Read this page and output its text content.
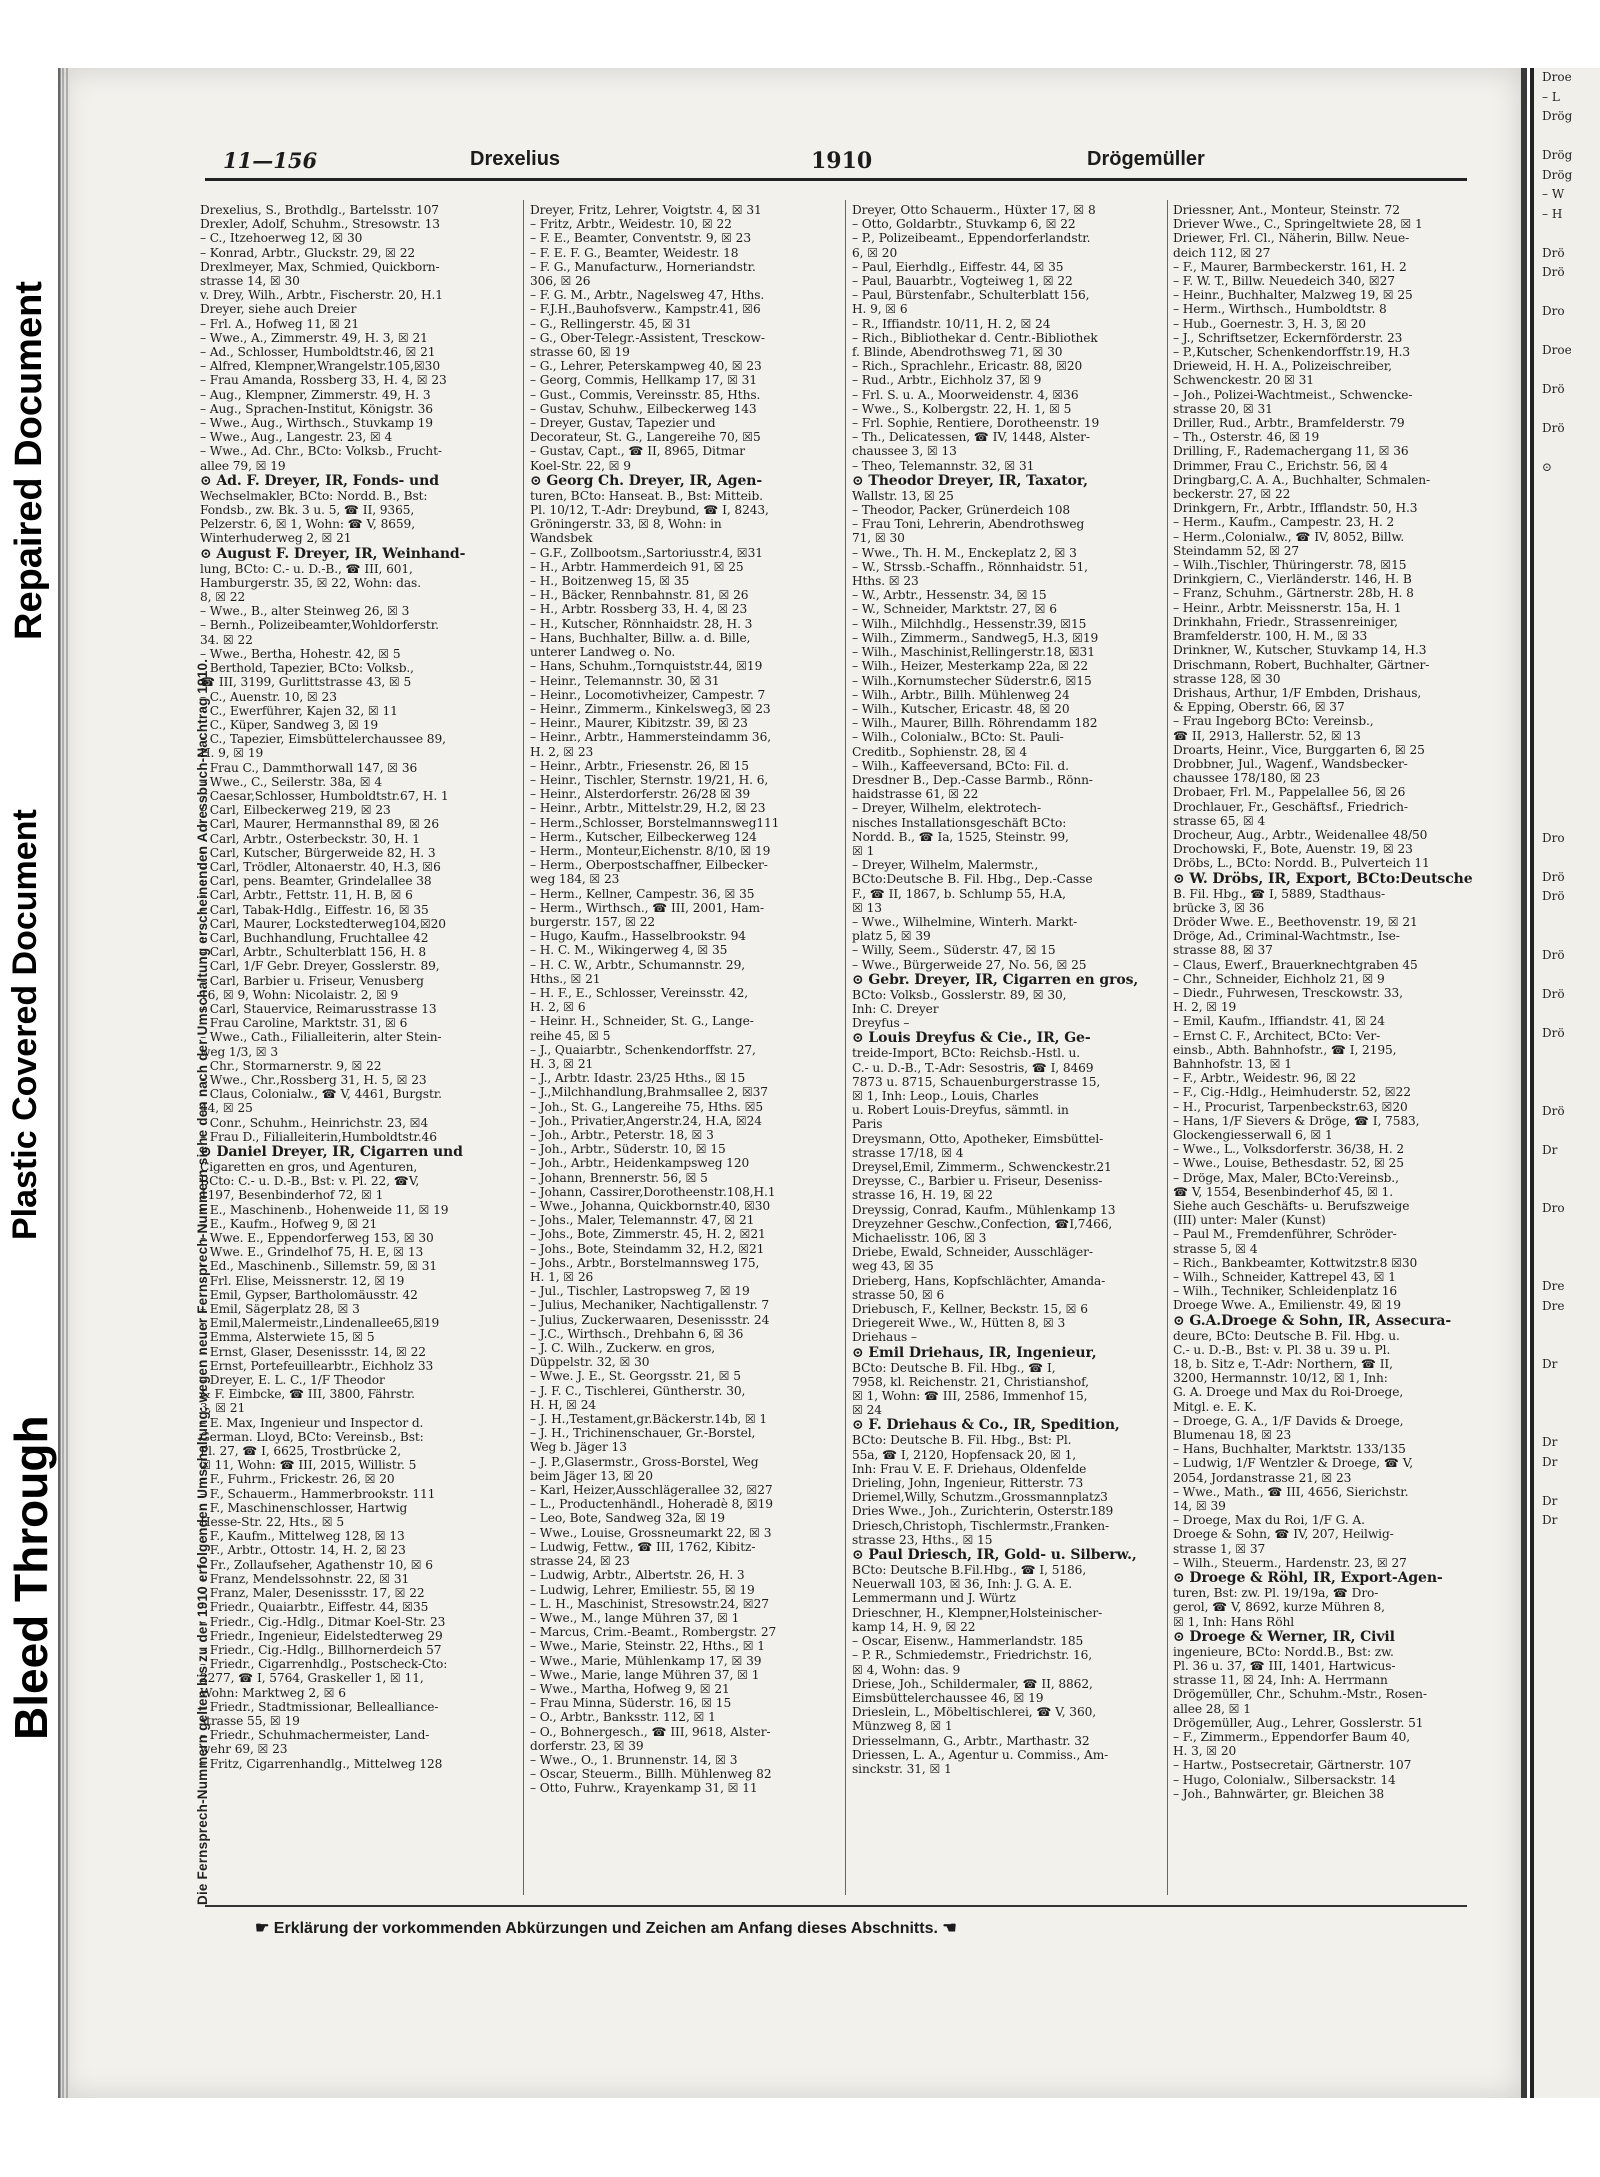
Repaired Document
Plastic Covered Document
Bleed Through
Droe
– L
Drög

Drög
Drög
– W
– H

Drö
Drö

Dro

Droe

Drö

Drö

⊙

Dro

Drö
Drö

Drö

Drö

Drö

Drö

Dr

Dro

Dre
Dre

Dr

Dr
Dr

Dr
Dr

11—156	Drexelius	1910	Drögemüller
Die Fernsprech-Nummern gelten bis zu der 1910 erfolgenden Umschaltung; wegen neuer Fernsprech-Nummern siehe den nach der Umschaltung erscheinenden Adressbuch-Nachtrag 1910.
Drexelius, S., Brothdlg., Bartelsstr. 107
Drexler, Adolf, Schuhm., Stresowstr. 13
– C., Itzehoerweg 12, ☒ 30
– Konrad, Arbtr., Gluckstr. 29, ☒ 22
Drexlmeyer, Max, Schmied, Quickborn-
strasse 14, ☒ 30
v. Drey, Wilh., Arbtr., Fischerstr. 20, H.1
Dreyer, siehe auch Dreier
– Frl. A., Hofweg 11, ☒ 21
– Wwe., A., Zimmerstr. 49, H. 3, ☒ 21
– Ad., Schlosser, Humboldtstr.46, ☒ 21
– Alfred, Klempner,Wrangelstr.105,☒30
– Frau Amanda, Rossberg 33, H. 4, ☒ 23
– Aug., Klempner, Zimmerstr. 49, H. 3
– Aug., Sprachen-Institut, Königstr. 36
– Wwe., Aug., Wirthsch., Stuvkamp 19
– Wwe., Aug., Langestr. 23, ☒ 4
– Wwe., Ad. Chr., BCto: Volksb., Frucht-
allee 79, ☒ 19
⊙ Ad. F. Dreyer, IR, Fonds- und
Wechselmakler, BCto: Nordd. B., Bst:
Fondsb., zw. Bk. 3 u. 5, ☎ II, 9365,
Pelzerstr. 6, ☒ 1, Wohn: ☎ V, 8659,
Winterhuderweg 2, ☒ 21
⊙ August F. Dreyer, IR, Weinhand-
lung, BCto: C.- u. D.-B., ☎ III, 601,
Hamburgerstr. 35, ☒ 22, Wohn: das.
8, ☒ 22
– Wwe., B., alter Steinweg 26, ☒ 3
– Bernh., Polizeibeamter,Wohldorferstr.
34. ☒ 22
– Wwe., Bertha, Hohestr. 42, ☒ 5
– Berthold, Tapezier, BCto: Volksb.,
☎ III, 3199, Gurlittstrasse 43, ☒ 5
– C., Auenstr. 10, ☒ 23
– C., Ewerführer, Kajen 32, ☒ 11
– C., Küper, Sandweg 3, ☒ 19
– C., Tapezier, Eimsbüttelerchaussee 89,
H. 9, ☒ 19
– Frau C., Dammthorwall 147, ☒ 36
– Wwe., C., Seilerstr. 38a, ☒ 4
– Caesar,Schlosser, Humboldtstr.67, H. 1
– Carl, Eilbeckerweg 219, ☒ 23
– Carl, Maurer, Hermannsthal 89, ☒ 26
– Carl, Arbtr., Osterbeckstr. 30, H. 1
– Carl, Kutscher, Bürgerweide 82, H. 3
– Carl, Trödler, Altonaerstr. 40, H.3, ☒6
– Carl, pens. Beamter, Grindelallee 38
– Carl, Arbtr., Fettstr. 11, H. B, ☒ 6
– Carl, Tabak-Hdlg., Eiffestr. 16, ☒ 35
– Carl, Maurer, Lockstedterweg104,☒20
– Carl, Buchhandlung, Fruchtallee 42
– Carl, Arbtr., Schulterblatt 156, H. 8
– Carl, 1/F Gebr. Dreyer, Gosslerstr. 89,
– Carl, Barbier u. Friseur, Venusberg
16, ☒ 9, Wohn: Nicolaistr. 2, ☒ 9
– Carl, Stauervice, Reimarusstrasse 13
– Frau Caroline, Marktstr. 31, ☒ 6
– Wwe., Cath., Filialleiterin, alter Stein-
weg 1/3, ☒ 3
– Chr., Stormarnerstr. 9, ☒ 22
– Wwe., Chr.,Rossberg 31, H. 5, ☒ 23
– Claus, Colonialw., ☎ V, 4461, Burgstr.
44, ☒ 25
– Conr., Schuhm., Heinrichstr. 23, ☒4
– Frau D., Filialleiterin,Humboldtstr.46
⊙ Daniel Dreyer, IR, Cigarren und
Cigaretten en gros, und Agenturen,
BCto: C.- u. D.-B., Bst: v. Pl. 22, ☎V,
1197, Besenbinderhof 72, ☒ 1
– E., Maschinenb., Hohenweide 11, ☒ 19
– E., Kaufm., Hofweg 9, ☒ 21
– Wwe. E., Eppendorferweg 153, ☒ 30
– Wwe. E., Grindelhof 75, H. E, ☒ 13
– Ed., Maschinenb., Sillemstr. 59, ☒ 31
– Frl. Elise, Meissnerstr. 12, ☒ 19
– Emil, Gypser, Bartholomäusstr. 42
– Emil, Sägerplatz 28, ☒ 3
– Emil,Malermeistr.,Lindenallee65,☒19
– Emma, Alsterwiete 15, ☒ 5
– Ernst, Glaser, Desenissstr. 14, ☒ 22
– Ernst, Portefeuillearbtr., Eichholz 33
– Dreyer, E. L. C., 1/F Theodor
& F. Eimbcke, ☎ III, 3800, Fährstr.
3, ☒ 21
– E. Max, Ingenieur und Inspector d.
German. Lloyd, BCto: Vereinsb., Bst:
Pl. 27, ☎ I, 6625, Trostbrücke 2,
☒ 11, Wohn: ☎ III, 2015, Willistr. 5
– F., Fuhrm., Frickestr. 26, ☒ 20
– F., Schauerm., Hammerbrookstr. 111
– F., Maschinenschlosser, Hartwig
Hesse-Str. 22, Hts., ☒ 5
– F., Kaufm., Mittelweg 128, ☒ 13
– F., Arbtr., Ottostr. 14, H. 2, ☒ 23
– Fr., Zollaufseher, Agathenstr 10, ☒ 6
– Franz, Mendelssohnstr. 22, ☒ 31
– Franz, Maler, Desenissstr. 17, ☒ 22
– Friedr., Quaiarbtr., Eiffestr. 44, ☒35
– Friedr., Cig.-Hdlg., Ditmar Koel-Str. 23
– Friedr., Ingenieur, Eidelstedterweg 29
– Friedr., Cig.-Hdlg., Billhornerdeich 57
– Friedr., Cigarrenhdlg., Postscheck-Cto:
2277, ☎ I, 5764, Graskeller 1, ☒ 11,
Wohn: Marktweg 2, ☒ 6
– Friedr., Stadtmissionar, Bellealliance-
strasse 55, ☒ 19
– Friedr., Schuhmachermeister, Land-
wehr 69, ☒ 23
– Fritz, Cigarrenhandlg., Mittelweg 128
Dreyer, Fritz, Lehrer, Voigtstr. 4, ☒ 31
– Fritz, Arbtr., Weidestr. 10, ☒ 22
– F. E., Beamter, Conventstr. 9, ☒ 23
– F. E. F. G., Beamter, Weidestr. 18
– F. G., Manufacturw., Horneriandstr.
306, ☒ 26
– F. G. M., Arbtr., Nagelsweg 47, Hths.
– F.J.H.,Bauhofsverw., Kampstr.41, ☒6
– G., Rellingerstr. 45, ☒ 31
– G., Ober-Telegr.-Assistent, Tresckow-
strasse 60, ☒ 19
– G., Lehrer, Peterskampweg 40, ☒ 23
– Georg, Commis, Hellkamp 17, ☒ 31
– Gust., Commis, Vereinsstr. 85, Hths.
– Gustav, Schuhw., Eilbeckerweg 143
– Dreyer, Gustav, Tapezier und
Decorateur, St. G., Langereihe 70, ☒5
– Gustav, Capt., ☎ II, 8965, Ditmar
Koel-Str. 22, ☒ 9
⊙ Georg Ch. Dreyer, IR, Agen-
turen, BCto: Hanseat. B., Bst: Mitteib.
Pl. 10/12, T.-Adr: Dreybund, ☎ I, 8243,
Gröningerstr. 33, ☒ 8, Wohn: in
Wandsbek
– G.F., Zollbootsm.,Sartoriusstr.4, ☒31
– H., Arbtr. Hammerdeich 91, ☒ 25
– H., Boitzenweg 15, ☒ 35
– H., Bäcker, Rennbahnstr. 81, ☒ 26
– H., Arbtr. Rossberg 33, H. 4, ☒ 23
– H., Kutscher, Rönnhaidstr. 28, H. 3
– Hans, Buchhalter, Billw. a. d. Bille,
unterer Landweg o. No.
– Hans, Schuhm.,Tornquiststr.44, ☒19
– Heinr., Telemannstr. 30, ☒ 31
– Heinr., Locomotivheizer, Campestr. 7
– Heinr., Zimmerm., Kinkelsweg3, ☒ 23
– Heinr., Maurer, Kibitzstr. 39, ☒ 23
– Heinr., Arbtr., Hammersteindamm 36,
H. 2, ☒ 23
– Heinr., Arbtr., Friesenstr. 26, ☒ 15
– Heinr., Tischler, Sternstr. 19/21, H. 6,
– Heinr., Alsterdorferstr. 26/28 ☒ 39
– Heinr., Arbtr., Mittelstr.29, H.2, ☒ 23
– Herm.,Schlosser, Borstelmannsweg111
– Herm., Kutscher, Eilbeckerweg 124
– Herm., Monteur,Eichenstr. 8/10, ☒ 19
– Herm., Oberpostschaffner, Eilbecker-
weg 184, ☒ 23
– Herm., Kellner, Campestr. 36, ☒ 35
– Herm., Wirthsch., ☎ III, 2001, Ham-
burgerstr. 157, ☒ 22
– Hugo, Kaufm., Hasselbrookstr. 94
– H. C. M., Wikingerweg 4, ☒ 35
– H. C. W., Arbtr., Schumannstr. 29,
Hths., ☒ 21
– H. F., E., Schlosser, Vereinsstr. 42,
H. 2, ☒ 6
– Heinr. H., Schneider, St. G., Lange-
reihe 45, ☒ 5
– J., Quaiarbtr., Schenkendorffstr. 27,
H. 3, ☒ 21
– J., Arbtr. Idastr. 23/25 Hths., ☒ 15
– J.,Milchhandlung,Brahmsallee 2, ☒37
– Joh., St. G., Langereihe 75, Hths. ☒5
– Joh., Privatier,Angerstr.24, H.A, ☒24
– Joh., Arbtr., Peterstr. 18, ☒ 3
– Joh., Arbtr., Süderstr. 10, ☒ 15
– Joh., Arbtr., Heidenkampsweg 120
– Johann, Brennerstr. 56, ☒ 5
– Johann, Cassirer,Dorotheenstr.108,H.1
– Wwe., Johanna, Quickbornstr.40, ☒30
– Johs., Maler, Telemannstr. 47, ☒ 21
– Johs., Bote, Zimmerstr. 45, H. 2, ☒21
– Johs., Bote, Steindamm 32, H.2, ☒21
– Johs., Arbtr., Borstelmannsweg 175,
H. 1, ☒ 26
– Jul., Tischler, Lastropsweg 7, ☒ 19
– Julius, Mechaniker, Nachtigallenstr. 7
– Julius, Zuckerwaaren, Desenissstr. 24
– J.C., Wirthsch., Drehbahn 6, ☒ 36
– J. C. Wilh., Zuckerw. en gros,
Düppelstr. 32, ☒ 30
– Wwe. J. E., St. Georgsstr. 21, ☒ 5
– J. F. C., Tischlerei, Güntherstr. 30,
H. H, ☒ 24
– J. H.,Testament,gr.Bäckerstr.14b, ☒ 1
– J. H., Trichinenschauer, Gr.-Borstel,
Weg b. Jäger 13
– J. P.,Glasermstr., Gross-Borstel, Weg
beim Jäger 13, ☒ 20
– Karl, Heizer,Ausschlägerallee 32, ☒27
– L., Productenhändl., Hoheradè 8, ☒19
– Leo, Bote, Sandweg 32a, ☒ 19
– Wwe., Louise, Grossneumarkt 22, ☒ 3
– Ludwig, Fettw., ☎ III, 1762, Kibitz-
strasse 24, ☒ 23
– Ludwig, Arbtr., Albertstr. 26, H. 3
– Ludwig, Lehrer, Emiliestr. 55, ☒ 19
– L. H., Maschinist, Stresowstr.24, ☒27
– Wwe., M., lange Mühren 37, ☒ 1
– Marcus, Crim.-Beamt., Rombergstr. 27
– Wwe., Marie, Steinstr. 22, Hths., ☒ 1
– Wwe., Marie, Mühlenkamp 17, ☒ 39
– Wwe., Marie, lange Mühren 37, ☒ 1
– Wwe., Martha, Hofweg 9, ☒ 21
– Frau Minna, Süderstr. 16, ☒ 15
– O., Arbtr., Banksstr. 112, ☒ 1
– O., Bohnergesch., ☎ III, 9618, Alster-
dorferstr. 23, ☒ 39
– Wwe., O., 1. Brunnenstr. 14, ☒ 3
– Oscar, Steuerm., Billh. Mühlenweg 82
– Otto, Fuhrw., Krayenkamp 31, ☒ 11
Dreyer, Otto Schauerm., Hüxter 17, ☒ 8
– Otto, Goldarbtr., Stuvkamp 6, ☒ 22
– P., Polizeibeamt., Eppendorferlandstr.
6, ☒ 20
– Paul, Eierhdlg., Eiffestr. 44, ☒ 35
– Paul, Bauarbtr., Vogteiweg 1, ☒ 22
– Paul, Bürstenfabr., Schulterblatt 156,
H. 9, ☒ 6
– R., Iffiandstr. 10/11, H. 2, ☒ 24
– Rich., Bibliothekar d. Centr.-Bibliothek
f. Blinde, Abendrothsweg 71, ☒ 30
– Rich., Sprachlehr., Ericastr. 88, ☒20
– Rud., Arbtr., Eichholz 37, ☒ 9
– Frl. S. u. A., Moorweidenstr. 4, ☒36
– Wwe., S., Kolbergstr. 22, H. 1, ☒ 5
– Frl. Sophie, Rentiere, Dorotheenstr. 19
– Th., Delicatessen, ☎ IV, 1448, Alster-
chaussee 3, ☒ 13
– Theo, Telemannstr. 32, ☒ 31
⊙ Theodor Dreyer, IR, Taxator,
Wallstr. 13, ☒ 25
– Theodor, Packer, Grünerdeich 108
– Frau Toni, Lehrerin, Abendrothsweg
71, ☒ 30
– Wwe., Th. H. M., Enckeplatz 2, ☒ 3
– W., Strssb.-Schaffn., Rönnhaidstr. 51,
Hths. ☒ 23
– W., Arbtr., Hessenstr. 34, ☒ 15
– W., Schneider, Marktstr. 27, ☒ 6
– Wilh., Milchhdlg., Hessenstr.39, ☒15
– Wilh., Zimmerm., Sandweg5, H.3, ☒19
– Wilh., Maschinist,Rellingerstr.18, ☒31
– Wilh., Heizer, Mesterkamp 22a, ☒ 22
– Wilh.,Kornumstecher Süderstr.6, ☒15
– Wilh., Arbtr., Billh. Mühlenweg 24
– Wilh., Kutscher, Ericastr. 48, ☒ 20
– Wilh., Maurer, Billh. Röhrendamm 182
– Wilh., Colonialw., BCto: St. Pauli-
Creditb., Sophienstr. 28, ☒ 4
– Wilh., Kaffeeversand, BCto: Fil. d.
Dresdner B., Dep.-Casse Barmb., Rönn-
haidstrasse 61, ☒ 22
– Dreyer, Wilhelm, elektrotech-
nisches Installationsgeschäft BCto:
Nordd. B., ☎ Ia, 1525, Steinstr. 99,
☒ 1
– Dreyer, Wilhelm, Malermstr.,
BCto:Deutsche B. Fil. Hbg., Dep.-Casse
F., ☎ II, 1867, b. Schlump 55, H.A,
☒ 13
– Wwe., Wilhelmine, Winterh. Markt-
platz 5, ☒ 39
– Willy, Seem., Süderstr. 47, ☒ 15
– Wwe., Bürgerweide 27, No. 56, ☒ 25
⊙ Gebr. Dreyer, IR, Cigarren en gros,
BCto: Volksb., Gosslerstr. 89, ☒ 30,
Inh: C. Dreyer
Dreyfus –
⊙ Louis Dreyfus & Cie., IR, Ge-
treide-Import, BCto: Reichsb.-Hstl. u.
C.- u. D.-B., T.-Adr: Sesostris, ☎ I, 8469
7873 u. 8715, Schauenburgerstrasse 15,
☒ 1, Inh: Leop., Louis, Charles
u. Robert Louis-Dreyfus, sämmtl. in
Paris
Dreysmann, Otto, Apotheker, Eimsbüttel-
strasse 17/18, ☒ 4
Dreysel,Emil, Zimmerm., Schwenckestr.21
Dreysse, C., Barbier u. Friseur, Deseniss-
strasse 16, H. 19, ☒ 22
Dreyssig, Conrad, Kaufm., Mühlenkamp 13
Dreyzehner Geschw.,Confection, ☎I,7466,
Michaelisstr. 106, ☒ 3
Driebe, Ewald, Schneider, Ausschläger-
weg 43, ☒ 35
Drieberg, Hans, Kopfschlächter, Amanda-
strasse 50, ☒ 6
Driebusch, F., Kellner, Beckstr. 15, ☒ 6
Driegereit Wwe., W., Hütten 8, ☒ 3
Driehaus –
⊙ Emil Driehaus, IR, Ingenieur,
BCto: Deutsche B. Fil. Hbg., ☎ I,
7958, kl. Reichenstr. 21, Christianshof,
☒ 1, Wohn: ☎ III, 2586, Immenhof 15,
☒ 24
⊙ F. Driehaus & Co., IR, Spedition,
BCto: Deutsche B. Fil. Hbg., Bst: Pl.
55a, ☎ I, 2120, Hopfensack 20, ☒ 1,
Inh: Frau V. E. F. Driehaus, Oldenfelde
Drieling, John, Ingenieur, Ritterstr. 73
Driemel,Willy, Schutzm.,Grossmannplatz3
Dries Wwe., Joh., Zurichterin, Osterstr.189
Driesch,Christoph, Tischlermstr.,Franken-
strasse 23, Hths., ☒ 15
⊙ Paul Driesch, IR, Gold- u. Silberw.,
BCto: Deutsche B.Fil.Hbg., ☎ I, 5186,
Neuerwall 103, ☒ 36, Inh: J. G. A. E.
Lemmermann und J. Würtz
Drieschner, H., Klempner,Holsteinischer-
kamp 14, H. 9, ☒ 22
– Oscar, Eisenw., Hammerlandstr. 185
– P. R., Schmiedemstr., Friedrichstr. 16,
☒ 4, Wohn: das. 9
Driese, Joh., Schildermaler, ☎ II, 8862,
Eimsbüttelerchaussee 46, ☒ 19
Drieslein, L., Möbeltischlerei, ☎ V, 360,
Münzweg 8, ☒ 1
Driesselmann, G., Arbtr., Marthastr. 32
Driessen, L. A., Agentur u. Commiss., Am-
sinckstr. 31, ☒ 1
Driessner, Ant., Monteur, Steinstr. 72
Driever Wwe., C., Springeltwiete 28, ☒ 1
Driewer, Frl. Cl., Näherin, Billw. Neue-
deich 112, ☒ 27
– F., Maurer, Barmbeckerstr. 161, H. 2
– F. W. T., Billw. Neuedeich 340, ☒27
– Heinr., Buchhalter, Malzweg 19, ☒ 25
– Herm., Wirthsch., Humboldtstr. 8
– Hub., Goernestr. 3, H. 3, ☒ 20
– J., Schriftsetzer, Eckernförderstr. 23
– P.,Kutscher, Schenkendorffstr.19, H.3
Drieweid, H. H. A., Polizeischreiber,
Schwenckestr. 20 ☒ 31
– Joh., Polizei-Wachtmeist., Schwencke-
strasse 20, ☒ 31
Driller, Rud., Arbtr., Bramfelderstr. 79
– Th., Osterstr. 46, ☒ 19
Drilling, F., Rademachergang 11, ☒ 36
Drimmer, Frau C., Erichstr. 56, ☒ 4
Dringbarg,C. A. A., Buchhalter, Schmalen-
beckerstr. 27, ☒ 22
Drinkgern, Fr., Arbtr., Ifflandstr. 50, H.3
– Herm., Kaufm., Campestr. 23, H. 2
– Herm.,Colonialw., ☎ IV, 8052, Billw.
Steindamm 52, ☒ 27
– Wilh.,Tischler, Thüringerstr. 78, ☒15
Drinkgiern, C., Vierländerstr. 146, H. B
– Franz, Schuhm., Gärtnerstr. 28b, H. 8
– Heinr., Arbtr. Meissnerstr. 15a, H. 1
Drinkhahn, Friedr., Strassenreiniger,
Bramfelderstr. 100, H. M., ☒ 33
Drinkner, W., Kutscher, Stuvkamp 14, H.3
Drischmann, Robert, Buchhalter, Gärtner-
strasse 128, ☒ 30
Drishaus, Arthur, 1/F Embden, Drishaus,
& Epping, Oberstr. 66, ☒ 37
– Frau Ingeborg BCto: Vereinsb.,
☎ II, 2913, Hallerstr. 52, ☒ 13
Droarts, Heinr., Vice, Burggarten 6, ☒ 25
Drobbner, Jul., Wagenf., Wandsbecker-
chaussee 178/180, ☒ 23
Drobaer, Frl. M., Pappelallee 56, ☒ 26
Drochlauer, Fr., Geschäftsf., Friedrich-
strasse 65, ☒ 4
Drocheur, Aug., Arbtr., Weidenallee 48/50
Drochowski, F., Bote, Auenstr. 19, ☒ 23
Dröbs, L., BCto: Nordd. B., Pulverteich 11
⊙ W. Dröbs, IR, Export, BCto:Deutsche
B. Fil. Hbg., ☎ I, 5889, Stadthaus-
brücke 3, ☒ 36
Dröder Wwe. E., Beethovenstr. 19, ☒ 21
Dröge, Ad., Criminal-Wachtmstr., Ise-
strasse 88, ☒ 37
– Claus, Ewerf., Brauerknechtgraben 45
– Chr., Schneider, Eichholz 21, ☒ 9
– Diedr., Fuhrwesen, Tresckowstr. 33,
H. 2, ☒ 19
– Emil, Kaufm., Iffiandstr. 41, ☒ 24
– Ernst C. F., Architect, BCto: Ver-
einsb., Abth. Bahnhofstr., ☎ I, 2195,
Bahnhofstr. 13, ☒ 1
– F., Arbtr., Weidestr. 96, ☒ 22
– F., Cig.-Hdlg., Heimhuderstr. 52, ☒22
– H., Procurist, Tarpenbeckstr.63, ☒20
– Hans, 1/F Sievers & Dröge, ☎ I, 7583,
Glockengiesserwall 6, ☒ 1
– Wwe., L., Volksdorferstr. 36/38, H. 2
– Wwe., Louise, Bethesdastr. 52, ☒ 25
– Dröge, Max, Maler, BCto:Vereinsb.,
☎ V, 1554, Besenbinderhof 45, ☒ 1.
Siehe auch Geschäfts- u. Berufszweige
(III) unter: Maler (Kunst)
– Paul M., Fremdenführer, Schröder-
strasse 5, ☒ 4
– Rich., Bankbeamter, Kottwitzstr.8 ☒30
– Wilh., Schneider, Kattrepel 43, ☒ 1
– Wilh., Techniker, Schleidenplatz 16
Droege Wwe. A., Emilienstr. 49, ☒ 19
⊙ G.A.Droege & Sohn, IR, Assecura-
deure, BCto: Deutsche B. Fil. Hbg. u.
C.- u. D.-B., Bst: v. Pl. 38 u. 39 u. Pl.
18, b. Sitz e, T.-Adr: Northern, ☎ II,
3200, Hermannstr. 10/12, ☒ 1, Inh:
G. A. Droege und Max du Roi-Droege,
Mitgl. e. E. K.
– Droege, G. A., 1/F Davids & Droege,
Blumenau 18, ☒ 23
– Hans, Buchhalter, Marktstr. 133/135
– Ludwig, 1/F Wentzler & Droege, ☎ V,
2054, Jordanstrasse 21, ☒ 23
– Wwe., Math., ☎ III, 4656, Sierichstr.
14, ☒ 39
– Droege, Max du Roi, 1/F G. A.
Droege & Sohn, ☎ IV, 207, Heilwig-
strasse 1, ☒ 37
– Wilh., Steuerm., Hardenstr. 23, ☒ 27
⊙ Droege & Röhl, IR, Export-Agen-
turen, Bst: zw. Pl. 19/19a, ☎ Dro-
gerol, ☎ V, 8692, kurze Mühren 8,
☒ 1, Inh: Hans Röhl
⊙ Droege & Werner, IR, Civil
ingenieure, BCto: Nordd.B., Bst: zw.
Pl. 36 u. 37, ☎ III, 1401, Hartwicus-
strasse 11, ☒ 24, Inh: A. Herrmann
Drögemüller, Chr., Schuhm.-Mstr., Rosen-
allee 28, ☒ 1
Drögemüller, Aug., Lehrer, Gosslerstr. 51
– F., Zimmerm., Eppendorfer Baum 40,
H. 3, ☒ 20
– Hartw., Postsecretair, Gärtnerstr. 107
– Hugo, Colonialw., Silbersackstr. 14
– Joh., Bahnwärter, gr. Bleichen 38
☛ Erklärung der vorkommenden Abkürzungen und Zeichen am Anfang dieses Abschnitts. ☚
